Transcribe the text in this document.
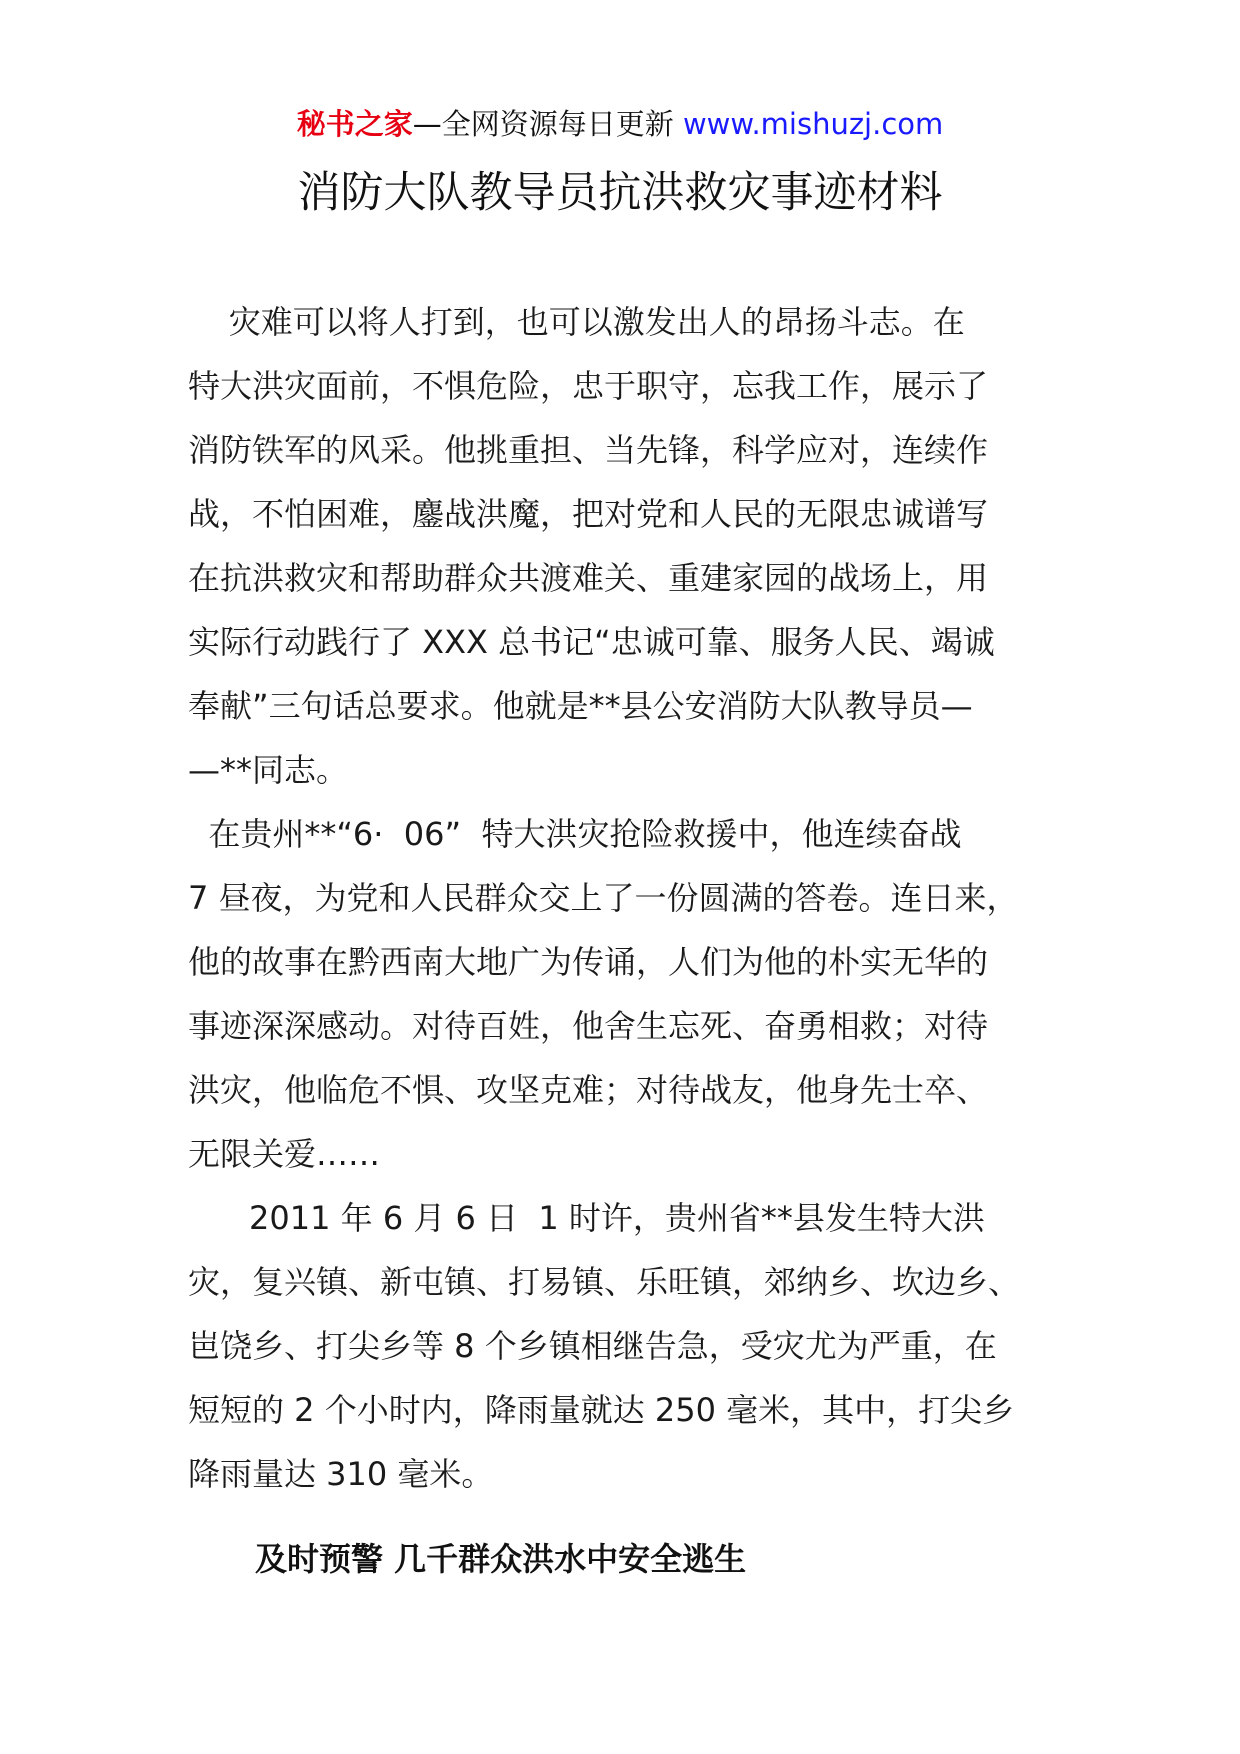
秘书之家—全网资源每日更新 www.mishuzj.com
消防大队教导员抗洪救灾事迹材料
灾难可以将人打到，也可以激发出人的昂扬斗志。在
特大洪灾面前，不惧危险，忠于职守，忘我工作，展示了
消防铁军的风采。他挑重担、当先锋，科学应对，连续作
战，不怕困难，鏖战洪魔，把对党和人民的无限忠诚谱写
在抗洪救灾和帮助群众共渡难关、重建家园的战场上，用
实际行动践行了 XXX 总书记“忠诚可靠、服务人民、竭诚
奉献”三句话总要求。他就是**县公安消防大队教导员—
—**同志。
在贵州**“6·  06”  特大洪灾抢险救援中，他连续奋战
7 昼夜，为党和人民群众交上了一份圆满的答卷。连日来，
他的故事在黔西南大地广为传诵，人们为他的朴实无华的
事迹深深感动。对待百姓，他舍生忘死、奋勇相救；对待
洪灾，他临危不惧、攻坚克难；对待战友，他身先士卒、
无限关爱……
2011 年 6 月 6 日  1 时许，贵州省**县发生特大洪
灾，复兴镇、新屯镇、打易镇、乐旺镇，郊纳乡、坎边乡、
岜饶乡、打尖乡等 8 个乡镇相继告急，受灾尤为严重，在
短短的 2 个小时内，降雨量就达 250 毫米，其中，打尖乡
降雨量达 310 毫米。
及时预警 几千群众洪水中安全逃生
